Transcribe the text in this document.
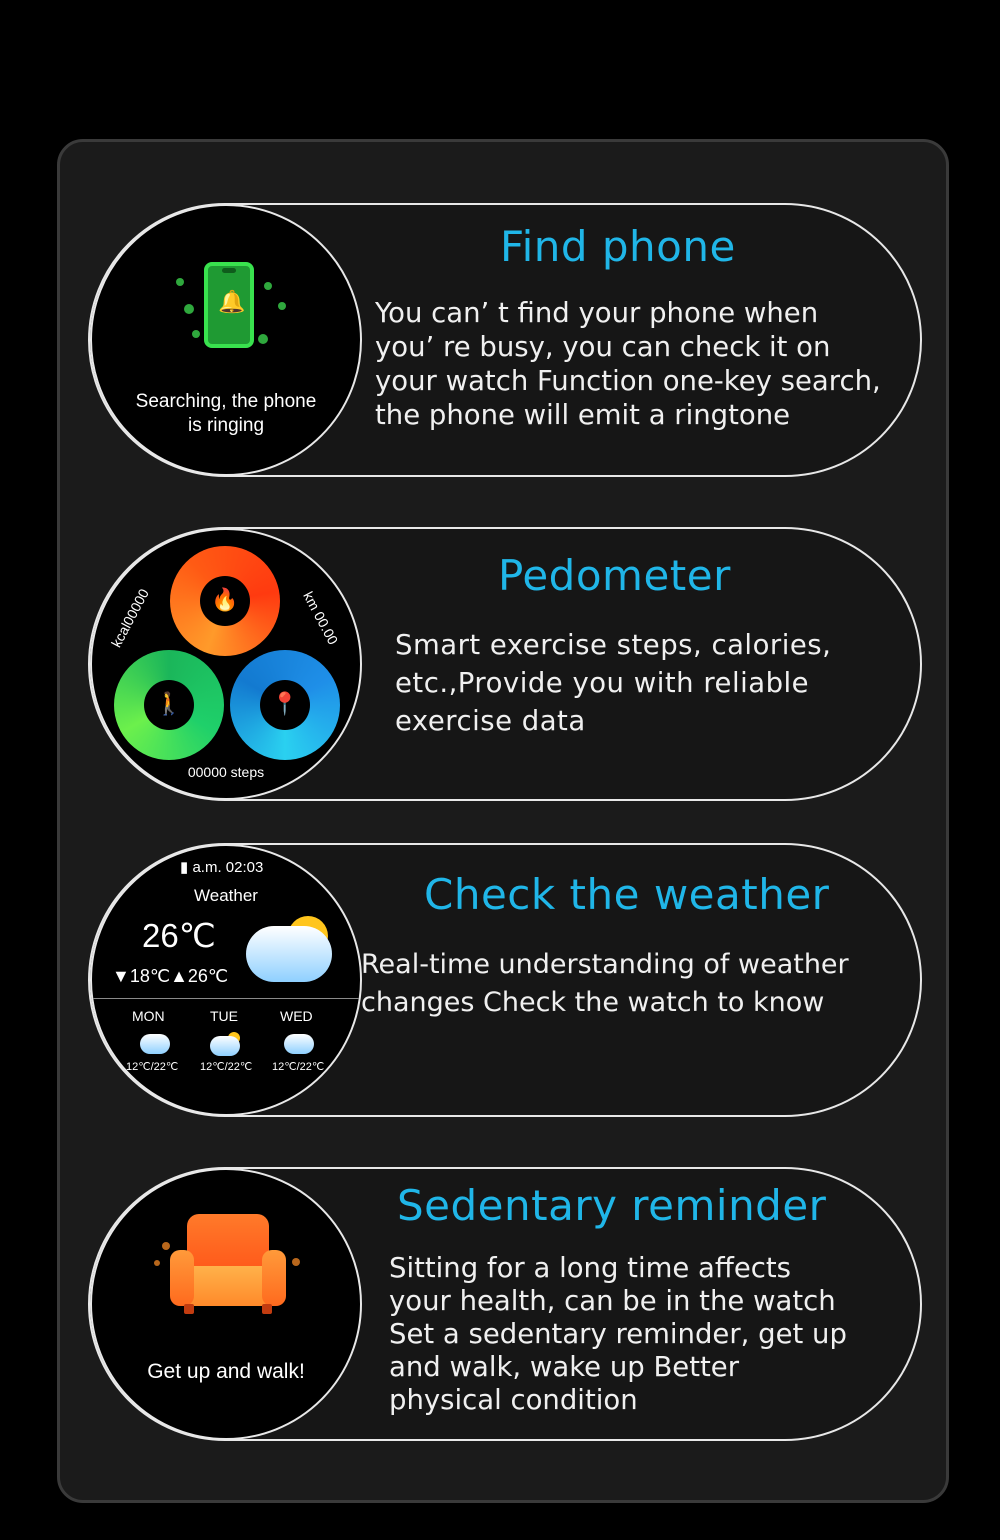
🔔
Searching, the phone
is ringing
Find phone
You can’ t find your phone when
you’ re busy, you can check it on
your watch Function one-key search,
the phone will emit a ringtone
🔥
🚶	📍
kcal00000	km 00.00
00000 steps
Pedometer
Smart exercise steps, calories,
etc.,Provide you with reliable
exercise data
▮ a.m. 02:03
Weather
26℃
▼18℃▲26℃
MON	TUE	WED
12℃/22℃ 12℃/22℃ 12℃/22℃
Check the weather
Real-time understanding of weather
changes Check the watch to know
Get up and walk!
Sedentary reminder
Sitting for a long time affects
your health, can be in the watch
Set a sedentary reminder, get up
and walk, wake up Better
physical condition
